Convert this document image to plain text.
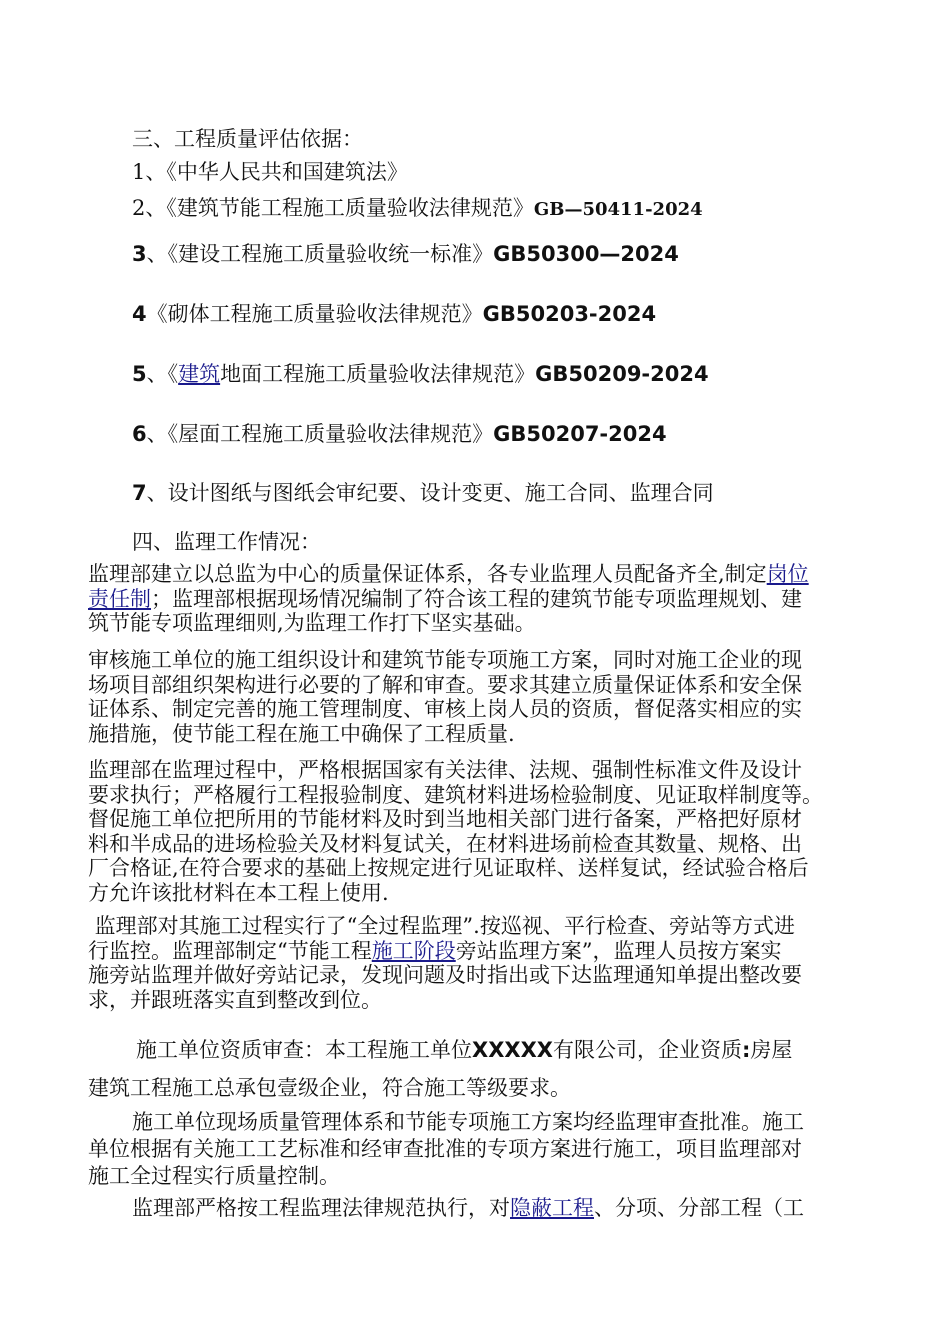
三、工程质量评估依据：
1、《中华人民共和国建筑法》
2、《建筑节能工程施工质量验收法律规范》GB—50411-2024
3、《建设工程施工质量验收统一标准》GB50300—2024
4《砌体工程施工质量验收法律规范》GB50203-2024
5、《建筑地面工程施工质量验收法律规范》GB50209-2024
6、《屋面工程施工质量验收法律规范》GB50207-2024
7、设计图纸与图纸会审纪要、设计变更、施工合同、监理合同
四、监理工作情况：
监理部建立以总监为中心的质量保证体系，各专业监理人员配备齐全,制定岗位
责任制；监理部根据现场情况编制了符合该工程的建筑节能专项监理规划、建
筑节能专项监理细则,为监理工作打下坚实基础。
审核施工单位的施工组织设计和建筑节能专项施工方案，同时对施工企业的现
场项目部组织架构进行必要的了解和审查。要求其建立质量保证体系和安全保
证体系、制定完善的施工管理制度、审核上岗人员的资质，督促落实相应的实
施措施，使节能工程在施工中确保了工程质量.
监理部在监理过程中，严格根据国家有关法律、法规、强制性标准文件及设计
要求执行；严格履行工程报验制度、建筑材料进场检验制度、见证取样制度等。
督促施工单位把所用的节能材料及时到当地相关部门进行备案，严格把好原材
料和半成品的进场检验关及材料复试关，在材料进场前检查其数量、规格、出
厂合格证,在符合要求的基础上按规定进行见证取样、送样复试，经试验合格后
方允许该批材料在本工程上使用.
监理部对其施工过程实行了“全过程监理”.按巡视、平行检查、旁站等方式进
行监控。监理部制定“节能工程施工阶段旁站监理方案”，监理人员按方案实
施旁站监理并做好旁站记录，发现问题及时指出或下达监理通知单提出整改要
求，并跟班落实直到整改到位。
施工单位资质审查：本工程施工单位XXXXX有限公司，企业资质:房屋
建筑工程施工总承包壹级企业，符合施工等级要求。
施工单位现场质量管理体系和节能专项施工方案均经监理审查批准。施工
单位根据有关施工工艺标准和经审查批准的专项方案进行施工，项目监理部对
施工全过程实行质量控制。
监理部严格按工程监理法律规范执行，对隐蔽工程、分项、分部工程（工
